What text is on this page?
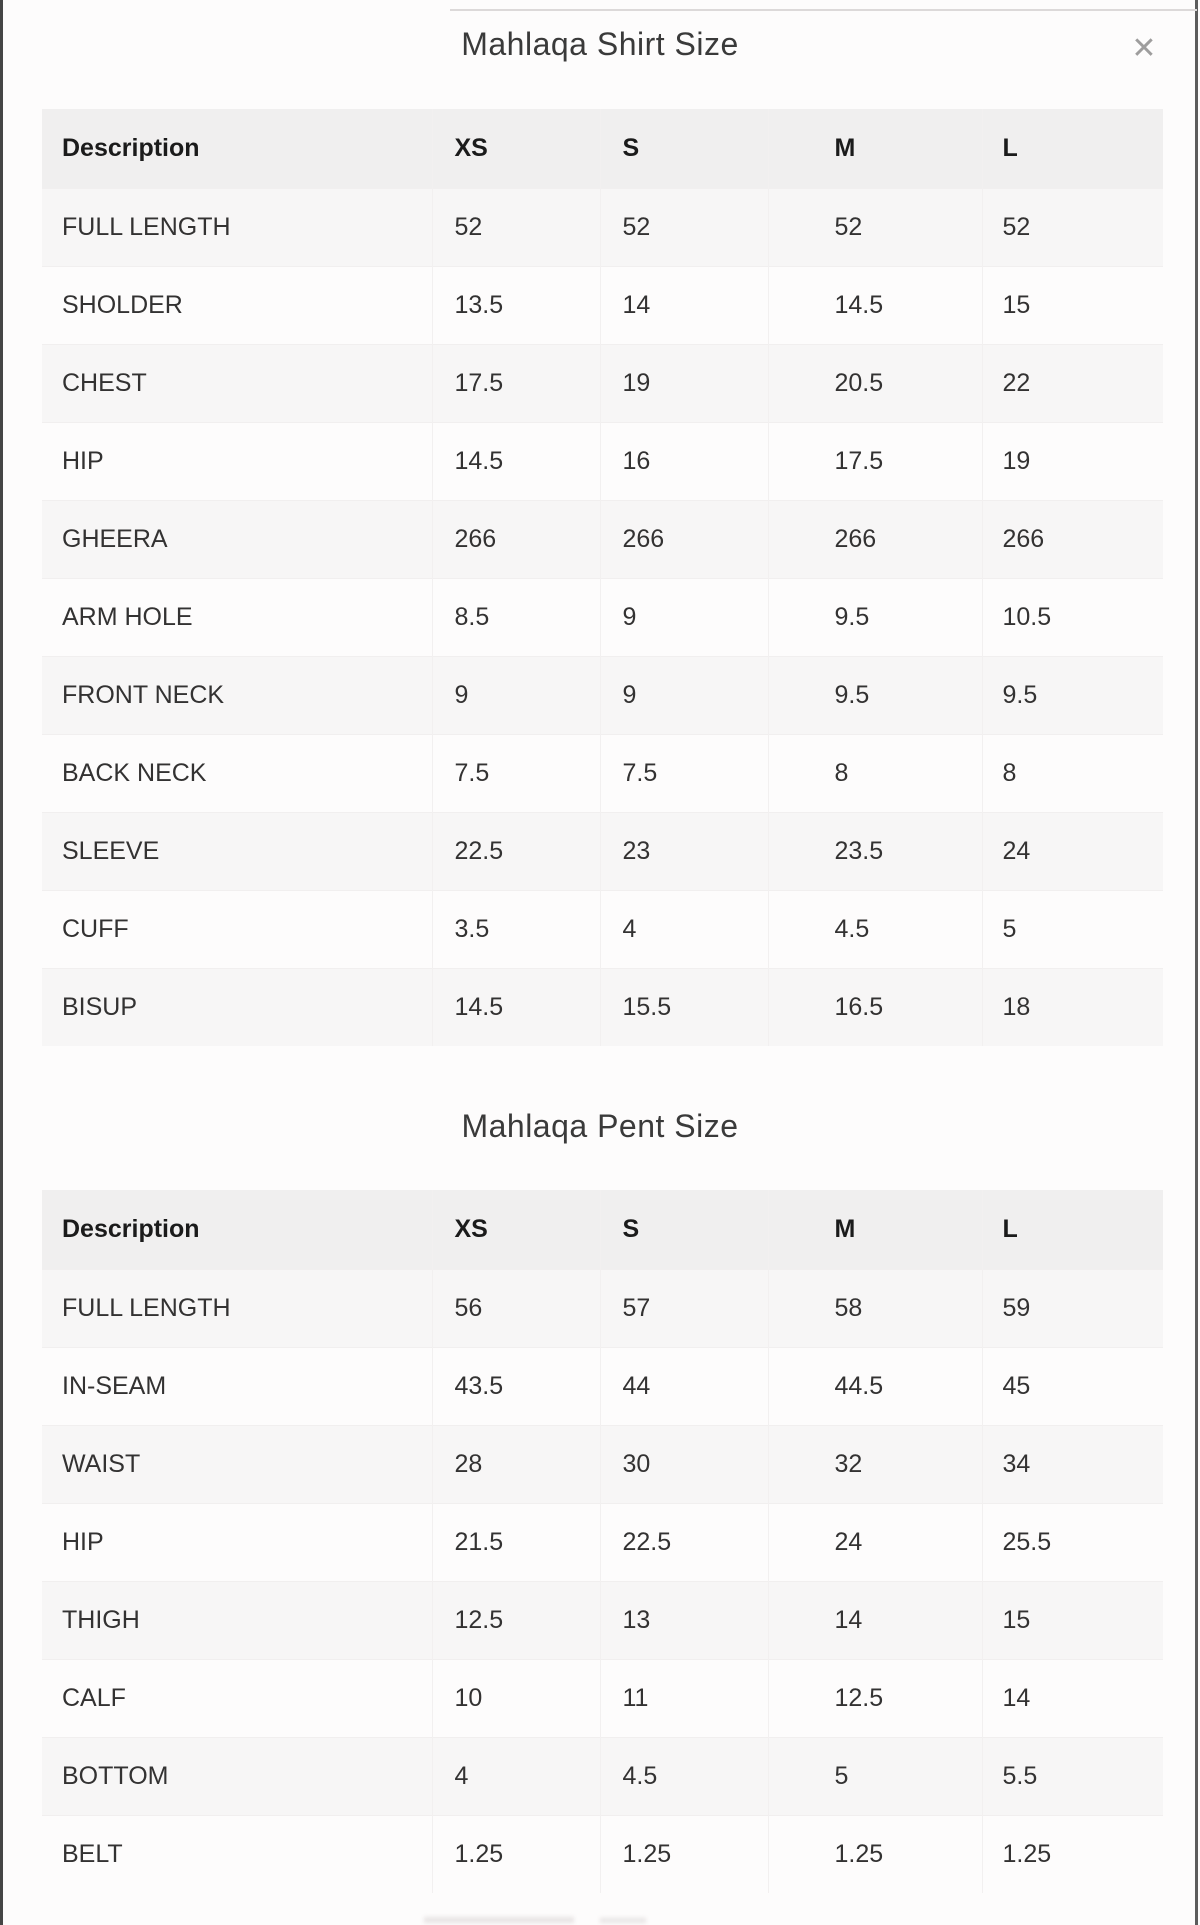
Mahlaqa Shirt Size	✕
Description	XS	S	M	L
FULL LENGTH	52	52	52	52
SHOLDER	13.5	14	14.5	15
CHEST	17.5	19	20.5	22
HIP	14.5	16	17.5	19
GHEERA	266	266	266	266
ARM HOLE	8.5	9	9.5	10.5
FRONT NECK	9	9	9.5	9.5
BACK NECK	7.5	7.5	8	8
SLEEVE	22.5	23	23.5	24
CUFF	3.5	4	4.5	5
BISUP	14.5	15.5	16.5	18
Mahlaqa Pent Size
Description	XS	S	M	L
FULL LENGTH	56	57	58	59
IN-SEAM	43.5	44	44.5	45
WAIST	28	30	32	34
HIP	21.5	22.5	24	25.5
THIGH	12.5	13	14	15
CALF	10	11	12.5	14
BOTTOM	4	4.5	5	5.5
BELT	1.25	1.25	1.25	1.25
